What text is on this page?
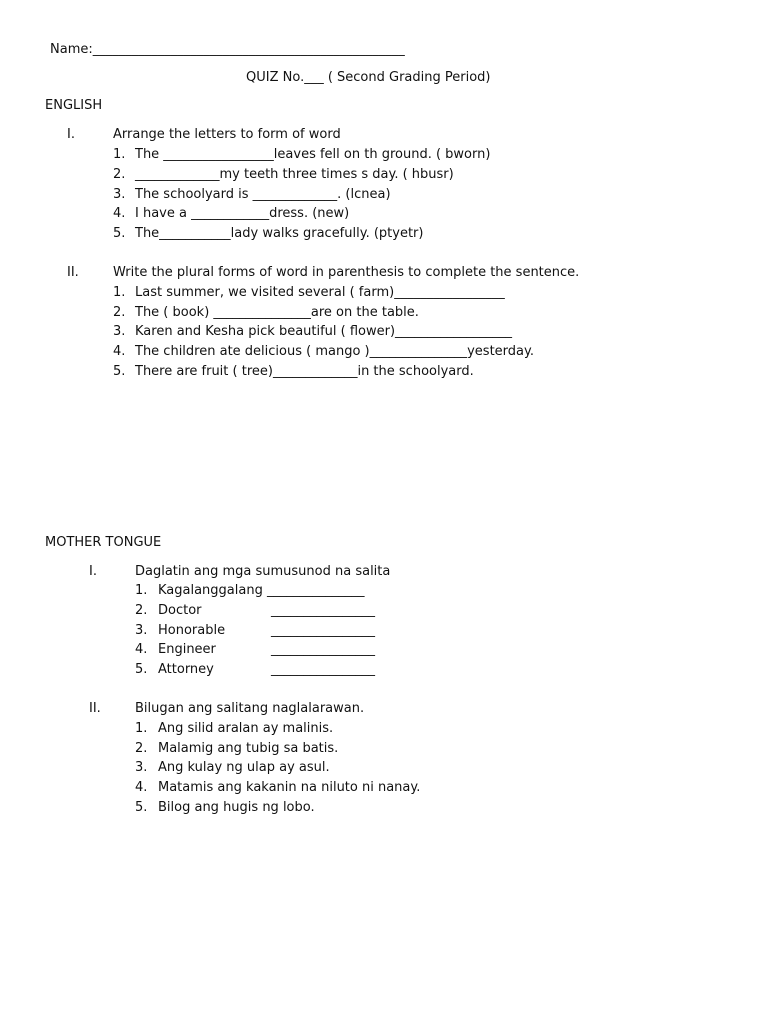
Name:________________________________________________
QUIZ No.___ ( Second Grading Period)
ENGLISH
I.	Arrange the letters to form of word
1. The _________________leaves fell on th ground. ( bworn)
2. _____________my teeth three times s day. ( hbusr)
3. The schoolyard is _____________. (lcnea)
4. I have a ____________dress. (new)
5. The___________lady walks gracefully. (ptyetr)
II.	Write the plural forms of word in parenthesis to complete the sentence.
1. Last summer, we visited several ( farm)_________________
2. The ( book) _______________are on the table.
3. Karen and Kesha pick beautiful ( flower)__________________
4. The children ate delicious ( mango )_______________yesterday.
5. There are fruit ( tree)_____________in the schoolyard.
MOTHER TONGUE
I.	Daglatin ang mga sumusunod na salita
1. Kagalanggalang _______________
2. Doctor	________________
3. Honorable	________________
4. Engineer	________________
5. Attorney	________________
II.	Bilugan ang salitang naglalarawan.
1. Ang silid aralan ay malinis.
2. Malamig ang tubig sa batis.
3. Ang kulay ng ulap ay asul.
4. Matamis ang kakanin na niluto ni nanay.
5. Bilog ang hugis ng lobo.
